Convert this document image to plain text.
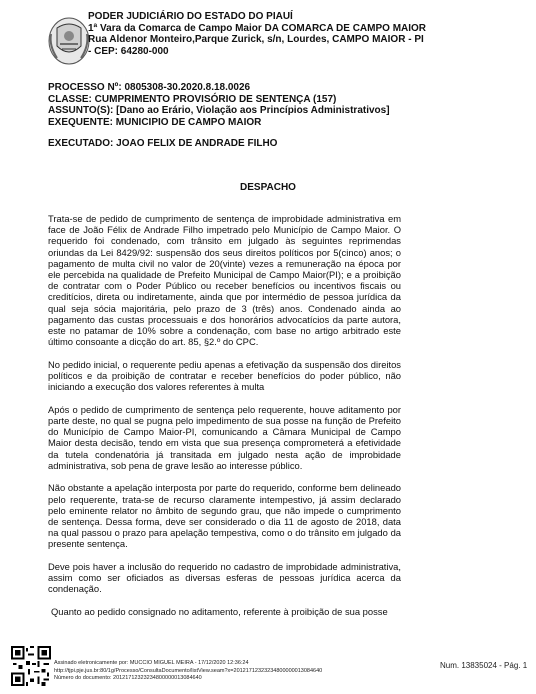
PODER JUDICIÁRIO DO ESTADO DO PIAUÍ
1ª Vara da Comarca de Campo Maior DA COMARCA DE CAMPO MAIOR
Rua Aldenor Monteiro,Parque Zurick, s/n, Lourdes, CAMPO MAIOR - PI - CEP: 64280-000
PROCESSO Nº: 0805308-30.2020.8.18.0026
CLASSE: CUMPRIMENTO PROVISÓRIO DE SENTENÇA (157)
ASSUNTO(S): [Dano ao Erário, Violação aos Princípios Administrativos]
EXEQUENTE: MUNICIPIO DE CAMPO MAIOR
EXECUTADO: JOAO FELIX DE ANDRADE FILHO
DESPACHO

Trata-se de pedido de cumprimento de sentença de improbidade administrativa em face de João Félix de Andrade Filho impetrado pelo Município de Campo Maior. O requerido foi condenado, com trânsito em julgado às seguintes reprimendas oriundas da Lei 8429/92: suspensão dos seus direitos políticos por 5(cinco) anos; o pagamento de multa civil no valor de 20(vinte) vezes a remuneração na época por ele percebida na qualidade de Prefeito Municipal de Campo Maior(PI); e a proibição de contratar com o Poder Público ou receber benefícios ou incentivos fiscais ou creditícios, direta ou indiretamente, ainda que por intermédio de pessoa jurídica da qual seja sócia majoritária, pelo prazo de 3 (três) anos. Condenado ainda ao pagamento das custas processuais e dos honorários advocatícios da parte autora, este no patamar de 10% sobre a condenação, com base no artigo arbitrado este último consoante a dicção do art. 85, §2.º do CPC.

No pedido inicial, o requerente pediu apenas a efetivação da suspensão dos direitos políticos e da proibição de contratar e receber benefícios do poder público, não iniciando a execução dos valores referentes à multa

Após o pedido de cumprimento de sentença pelo requerente, houve aditamento por parte deste, no qual se pugna pelo impedimento de sua posse na função de Prefeito do Município de Campo Maior-PI, comunicando a Câmara Municipal de Campo Maior desta decisão, tendo em vista que sua presença comprometerá a efetividade da tutela condenatória já transitada em julgado nesta ação de improbidade administrativa, sob pena de grave lesão ao interesse público.

Não obstante a apelação interposta por parte do requerido, conforme bem delineado pelo requerente, trata-se de recurso claramente intempestivo, já assim declarado pelo eminente relator no âmbito de segundo grau, que não impede o cumprimento de sentença. Dessa forma, deve ser considerado o dia 11 de agosto de 2018, data na qual passou o prazo para apelação tempestiva, como o do trânsito em julgado da presente sentença.

Deve pois haver a inclusão do requerido no cadastro de improbidade administrativa, assim como ser oficiados as diversas esferas de pessoas jurídica acerca da condenação.

Quanto ao pedido consignado no aditamento, referente à proibição de sua posse

Assinado eletronicamente por: MUCCIO MIGUEL MEIRA - 17/12/2020 12:36:24
http://tjpi.pje.jus.br:80/1g/Processo/ConsultaDocumento/listView.seam?x=20121712323234800000013084640
Número do documento: 20121712323234800000013084640
Num. 13835024 - Pág. 1
